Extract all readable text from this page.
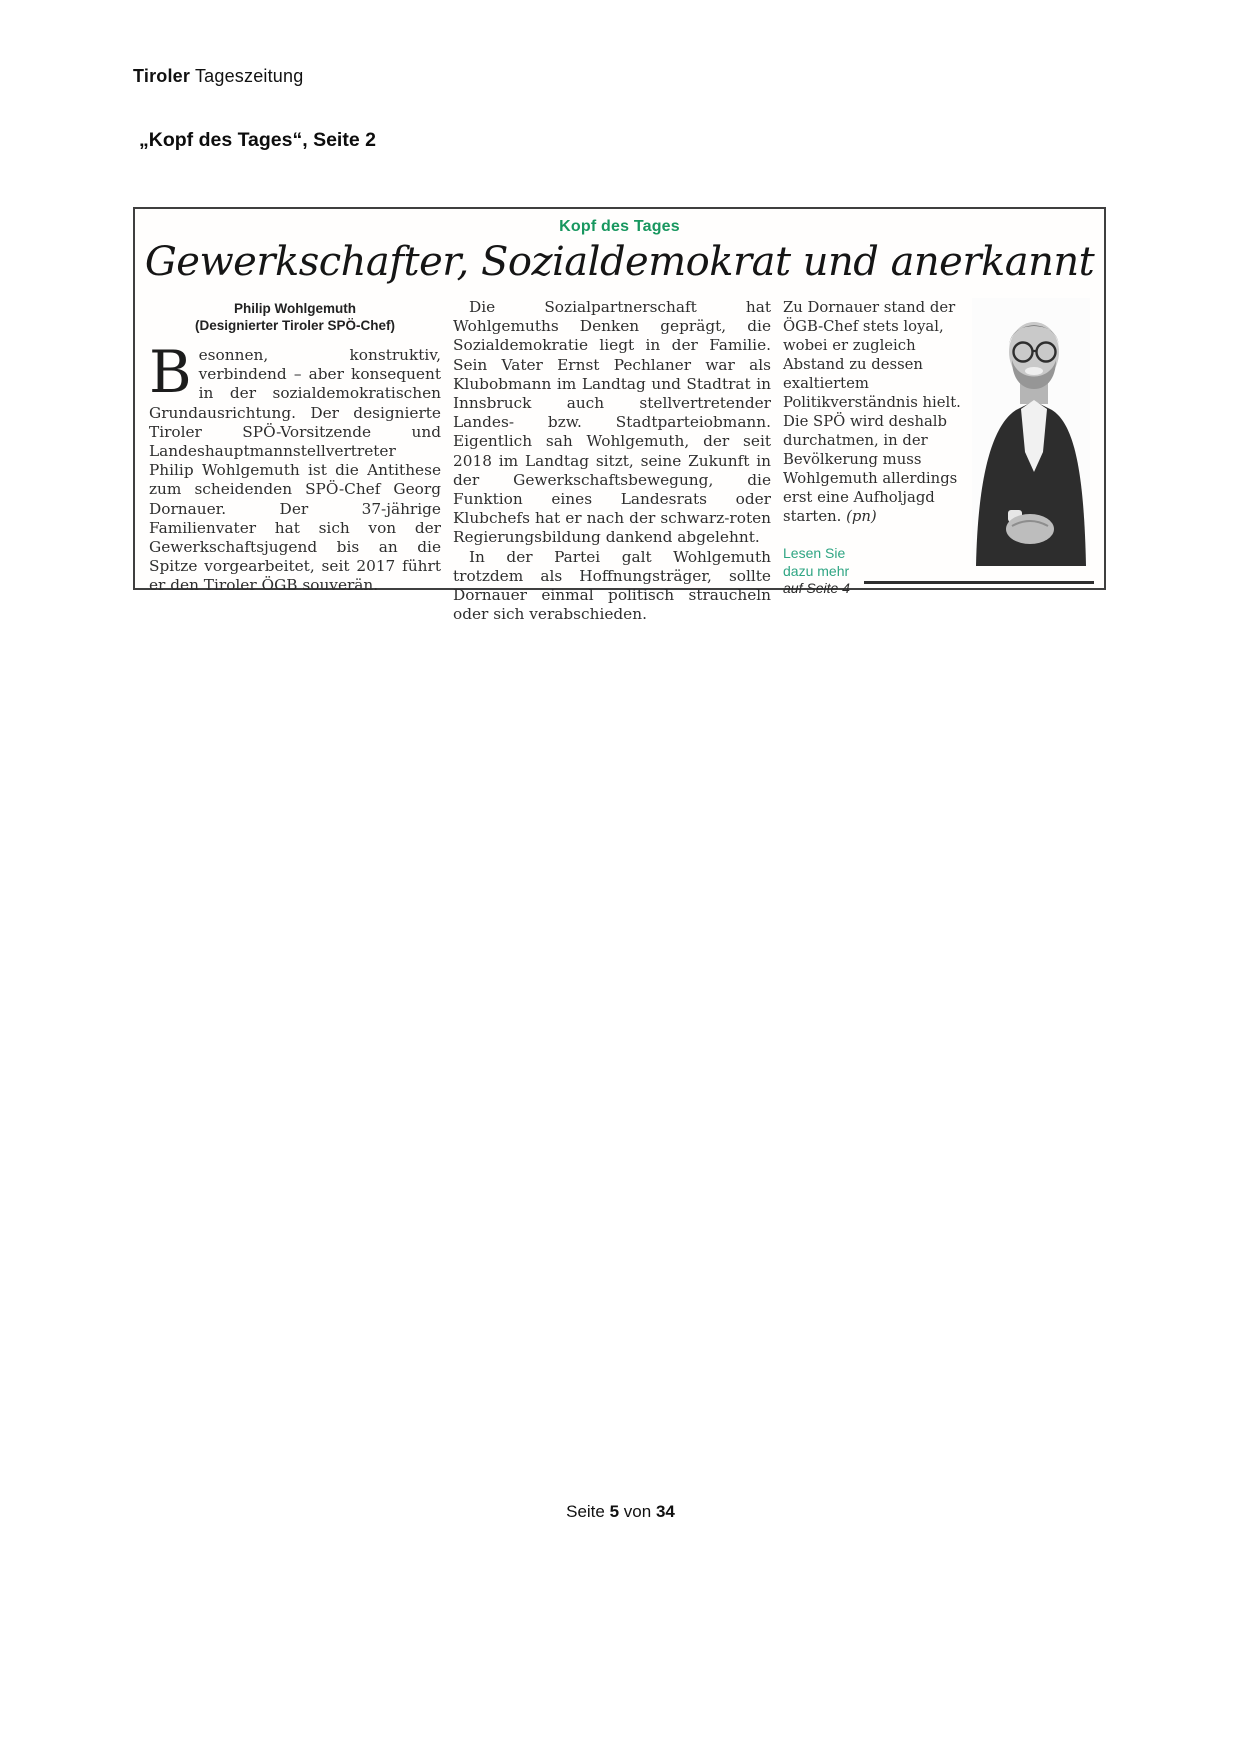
Tiroler Tageszeitung
„Kopf des Tages“, Seite 2
Kopf des Tages
Gewerkschafter, Sozialdemokrat und anerkannt
Philip Wohlgemuth
(Designierter Tiroler SPÖ-Chef)

Besonnen, konstruktiv, verbindend – aber konsequent in der sozialdemokratischen Grundausrichtung. Der designierte Tiroler SPÖ-Vorsitzende und Landeshauptmannstellvertreter Philip Wohlgemuth ist die Antithese zum scheidenden SPÖ-Chef Georg Dornauer. Der 37-jährige Familienvater hat sich von der Gewerkschaftsjugend bis an die Spitze vorgearbeitet, seit 2017 führt er den Tiroler ÖGB souverän.

Die Sozialpartnerschaft hat Wohlgemuths Denken geprägt, die Sozialdemokratie liegt in der Familie. Sein Vater Ernst Pechlaner war als Klubobmann im Landtag und Stadtrat in Innsbruck auch stellvertretender Landes- bzw. Stadtparteiobmann. Eigentlich sah Wohlgemuth, der seit 2018 im Landtag sitzt, seine Zukunft in der Gewerkschaftsbewegung, die Funktion eines Landesrats oder Klubchefs hat er nach der schwarz-roten Regierungsbildung dankend abgelehnt.

In der Partei galt Wohlgemuth trotzdem als Hoffnungsträger, sollte Dornauer einmal politisch straucheln oder sich verabschieden.

Zu Dornauer stand der ÖGB-Chef stets loyal, wobei er zugleich Abstand zu dessen exaltiertem Politikverständnis hielt. Die SPÖ wird deshalb durchatmen, in der Bevölkerung muss Wohlgemuth allerdings erst eine Aufholjagd starten. (pn)

Lesen Sie
dazu mehr
auf Seite 4
Seite 5 von 34
